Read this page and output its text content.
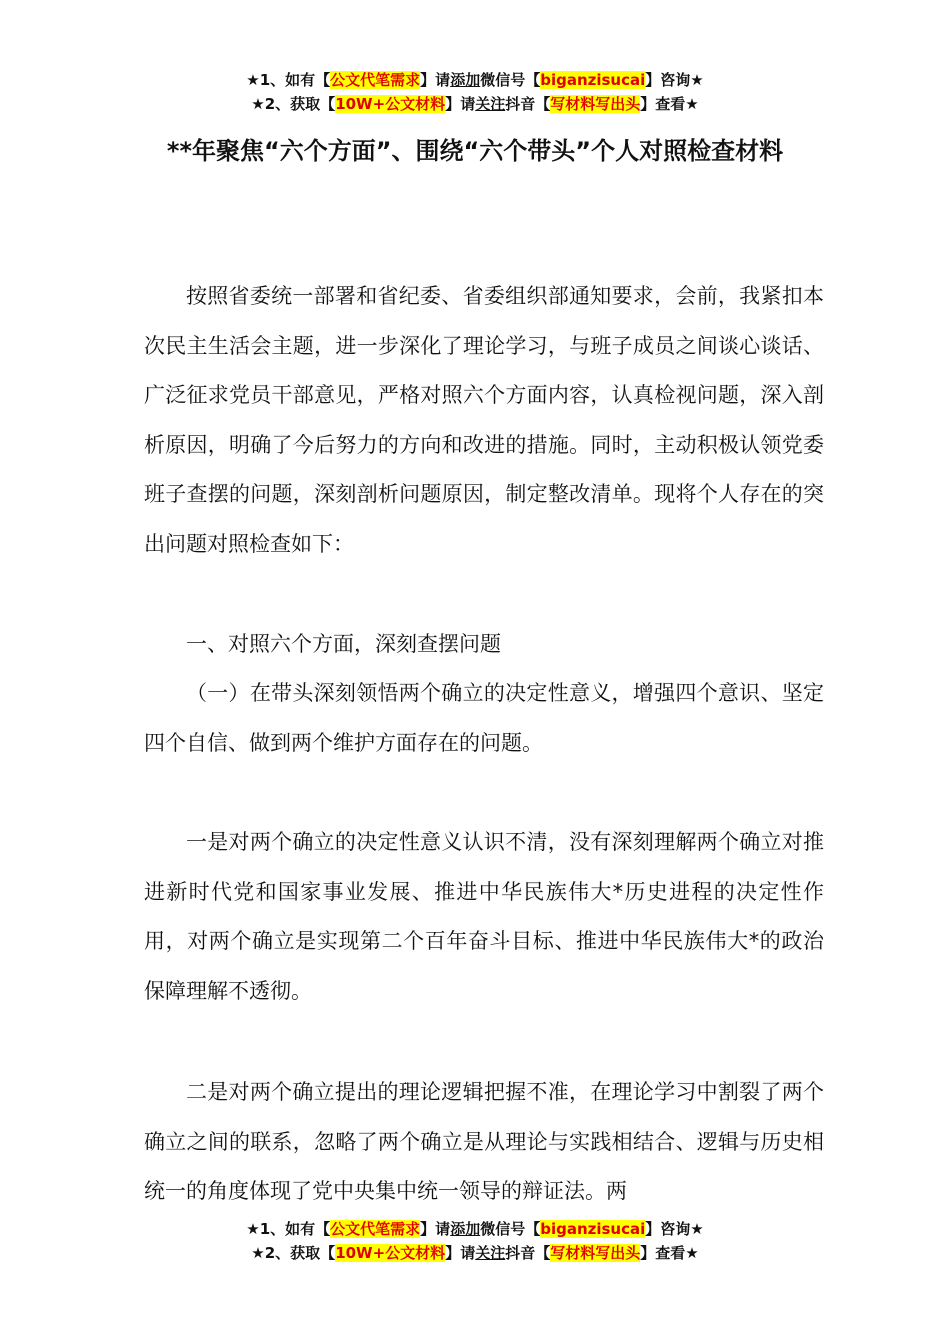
★1、如有【公文代笔需求】请添加微信号【biganzisucai】咨询★
★2、获取【10W+公文材料】请关注抖音【写材料写出头】查看★
**年聚焦“六个方面”、围绕“六个带头”个人对照检查材料

按照省委统一部署和省纪委、省委组织部通知要求，会前，我紧扣本次民主生活会主题，进一步深化了理论学习，与班子成员之间谈心谈话、广泛征求党员干部意见，严格对照六个方面内容，认真检视问题，深入剖析原因，明确了今后努力的方向和改进的措施。同时，主动积极认领党委班子查摆的问题，深刻剖析问题原因，制定整改清单。现将个人存在的突出问题对照检查如下：

一、对照六个方面，深刻查摆问题

（一）在带头深刻领悟两个确立的决定性意义，增强四个意识、坚定四个自信、做到两个维护方面存在的问题。

一是对两个确立的决定性意义认识不清，没有深刻理解两个确立对推进新时代党和国家事业发展、推进中华民族伟大*历史进程的决定性作用，对两个确立是实现第二个百年奋斗目标、推进中华民族伟大*的政治保障理解不透彻。

二是对两个确立提出的理论逻辑把握不准，在理论学习中割裂了两个确立之间的联系，忽略了两个确立是从理论与实践相结合、逻辑与历史相统一的角度体现了党中央集中统一领导的辩证法。两

★1、如有【公文代笔需求】请添加微信号【biganzisucai】咨询★
★2、获取【10W+公文材料】请关注抖音【写材料写出头】查看★
